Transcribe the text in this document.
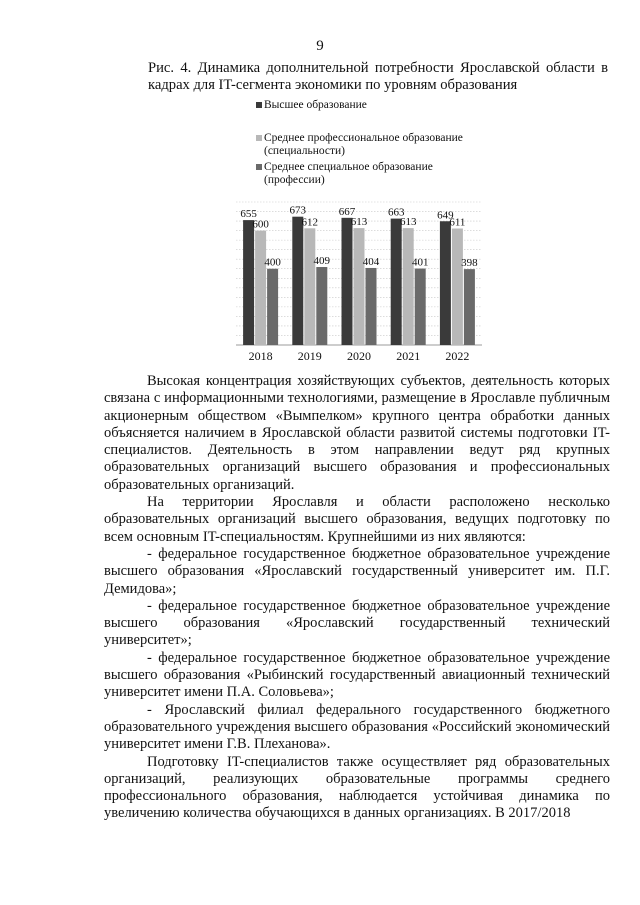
9
Рис. 4. Динамика дополнительной потребности Ярославской области в кадрах для IT-сегмента экономики по уровням образования
Высшее образование
Среднее профессиональное образование
(специальности)
Среднее специальное образование
(профессии)
655
600
400
2018
673
612
409
2019
667
613
404
2020
663
613
401
2021
649
611
398
2022

Высокая концентрация хозяйствующих субъектов, деятельность которых связана с информационными технологиями, размещение в Ярославле публичным акционерным обществом «Вымпелком» крупного центра обработки данных объясняется наличием в Ярославской области развитой системы подготовки IT-специалистов. Деятельность в этом направлении ведут ряд крупных образовательных организаций высшего образования и профессиональных образовательных организаций.

На территории Ярославля и области расположено несколько образовательных организаций высшего образования, ведущих подготовку по всем основным IT-специальностям. Крупнейшими из них являются:

- федеральное государственное бюджетное образовательное учреждение высшего образования «Ярославский государственный университет им. П.Г. Демидова»;

- федеральное государственное бюджетное образовательное учреждение высшего образования «Ярославский государственный технический университет»;

- федеральное государственное бюджетное образовательное учреждение высшего образования «Рыбинский государственный авиационный технический университет имени П.А. Соловьева»;

- Ярославский филиал федерального государственного бюджетного образовательного учреждения высшего образования «Российский экономический университет имени Г.В. Плеханова».

Подготовку IT-специалистов также осуществляет ряд образовательных организаций, реализующих образовательные программы среднего профессионального образования, наблюдается устойчивая динамика по увеличению количества обучающихся в данных организациях. В 2017/2018
